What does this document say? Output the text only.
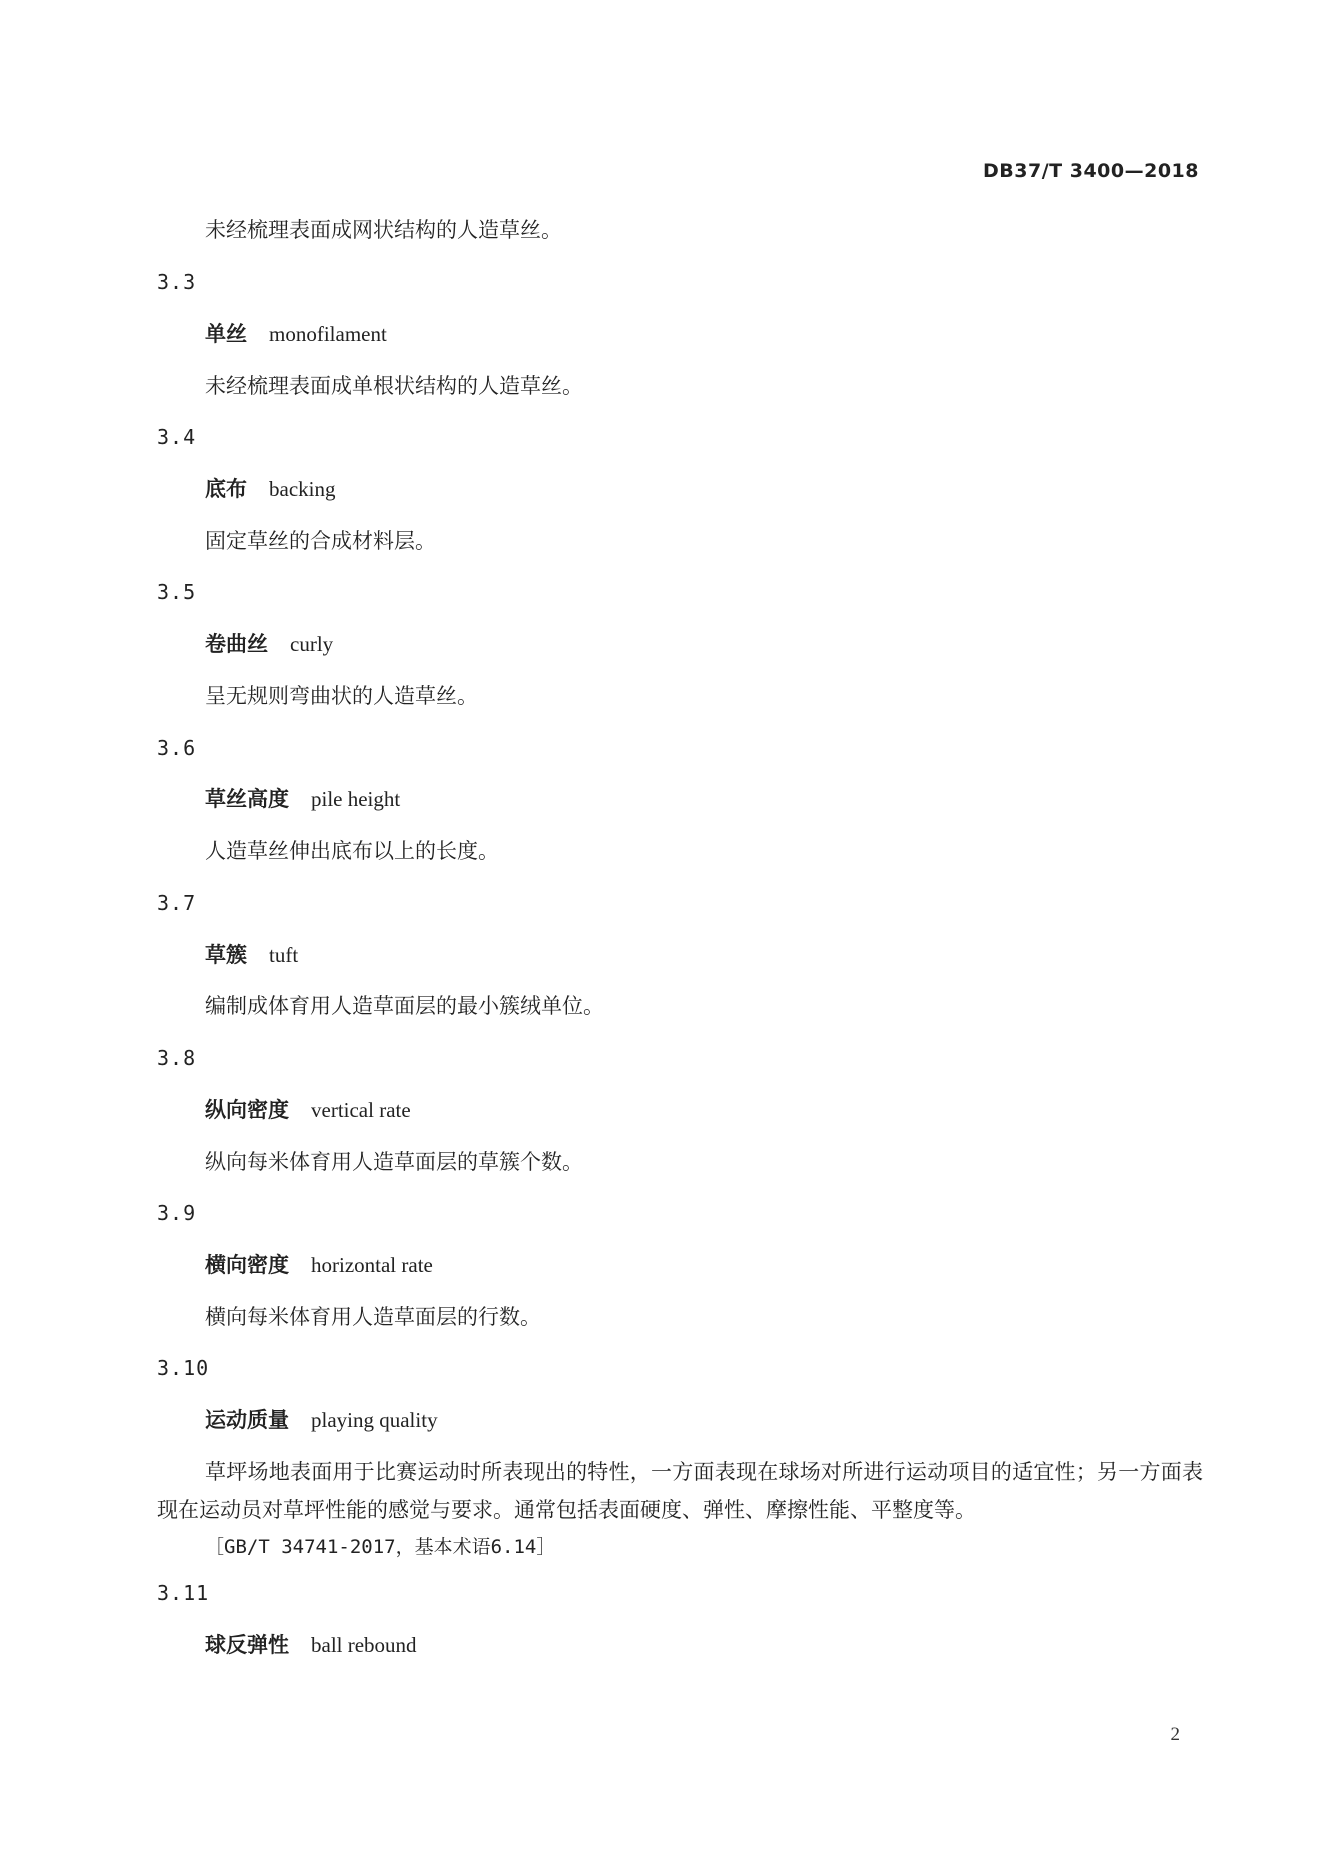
DB37/T 3400—2018
未经梳理表面成网状结构的人造草丝。
3.3
单丝 monofilament
未经梳理表面成单根状结构的人造草丝。
3.4
底布 backing
固定草丝的合成材料层。
3.5
卷曲丝 curly
呈无规则弯曲状的人造草丝。
3.6
草丝高度 pile height
人造草丝伸出底布以上的长度。
3.7
草簇 tuft
编制成体育用人造草面层的最小簇绒单位。
3.8
纵向密度 vertical rate
纵向每米体育用人造草面层的草簇个数。
3.9
横向密度 horizontal rate
横向每米体育用人造草面层的行数。
3.10
运动质量 playing quality
草坪场地表面用于比赛运动时所表现出的特性，一方面表现在球场对所进行运动项目的适宜性；另一方面表现在运动员对草坪性能的感觉与要求。通常包括表面硬度、弹性、摩擦性能、平整度等。
［GB/T 34741-2017，基本术语6.14］
3.11
球反弹性 ball rebound
2
